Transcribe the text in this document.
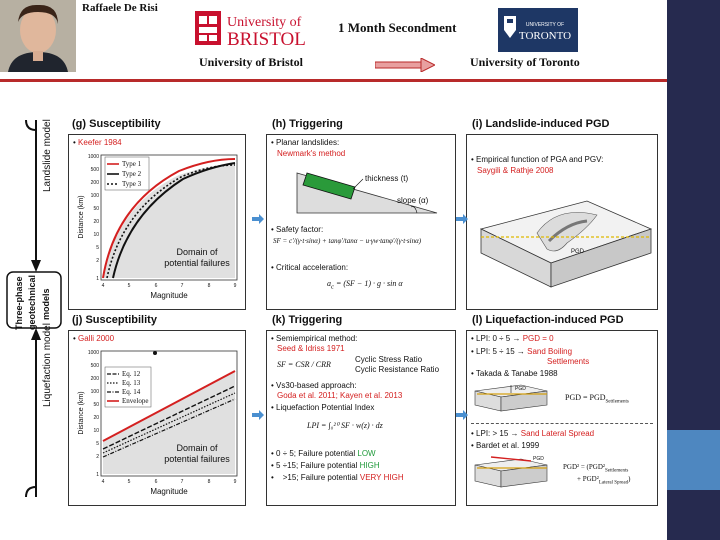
Raffaele De Risi
University of
BRISTOL
1 Month Secondment	UNIVERSITY OF
TORONTO
University of Bristol	University of Toronto
Landslide model
Liquefaction model
Three-phase geotechnical models
(g) Susceptibility
• Keefer 1984
1000
500
200
100
50
20
10
5
2
1
4	5	6	7	8	9
Type 1
Type 2
Type 3
Domain of
potential failures
Magnitude
Distance (km)
(h) Triggering
• Planar landslides:
Newmark's method
thickness (t)
slope (α)
• Safety factor:
SF = c′/(γ·t·sinα) + tanφ′/tanα − u·γw·tanφ′/(γ·t·sinα)
• Critical acceleration:
$a_c = (SF - 1) \cdot g \cdot \sin \alpha$
(i) Landslide-induced PGD
• Empirical function of PGA and PGV:
Saygili & Rathje 2008
PGD
(j) Susceptibility
• Galli 2000
1000
500
200
100
50
20
10
5
2
1
4	5	6	7	8	9
Eq. 12
Eq. 13
Eq. 14
Envelope
Domain of
potential failures
Magnitude
Distance (km)
(k) Triggering
• Semiempirical method:
Seed & Idriss 1971
SF = CSR / CRR
Cyclic Stress Ratio
Cyclic Resistance Ratio
• Vs30-based approach:
Goda et al. 2011; Kayen et al. 2013
• Liquefaction Potential Index
LPI = ∫₀²⁰ SF · w(z) · dz
• 0 ÷ 5; Failure potential LOW
• 5 ÷15; Failure potential HIGH
•    >15; Failure potential VERY HIGH
(l) Liquefaction-induced PGD
• LPI: 0 ÷ 5 → PGD = 0
• LPI: 5 ÷ 15 → Sand Boiling
Settlements
• Takada & Tanabe 1988
PGD
PGD = $PGD_{Settlements}$
• LPI: > 15 → Sand Lateral Spread
• Bardet et al. 1999
PGD
$PGD^2 = (PGD^2_{Settlements}$
+ $PGD^2_{Lateral Spread}$)
